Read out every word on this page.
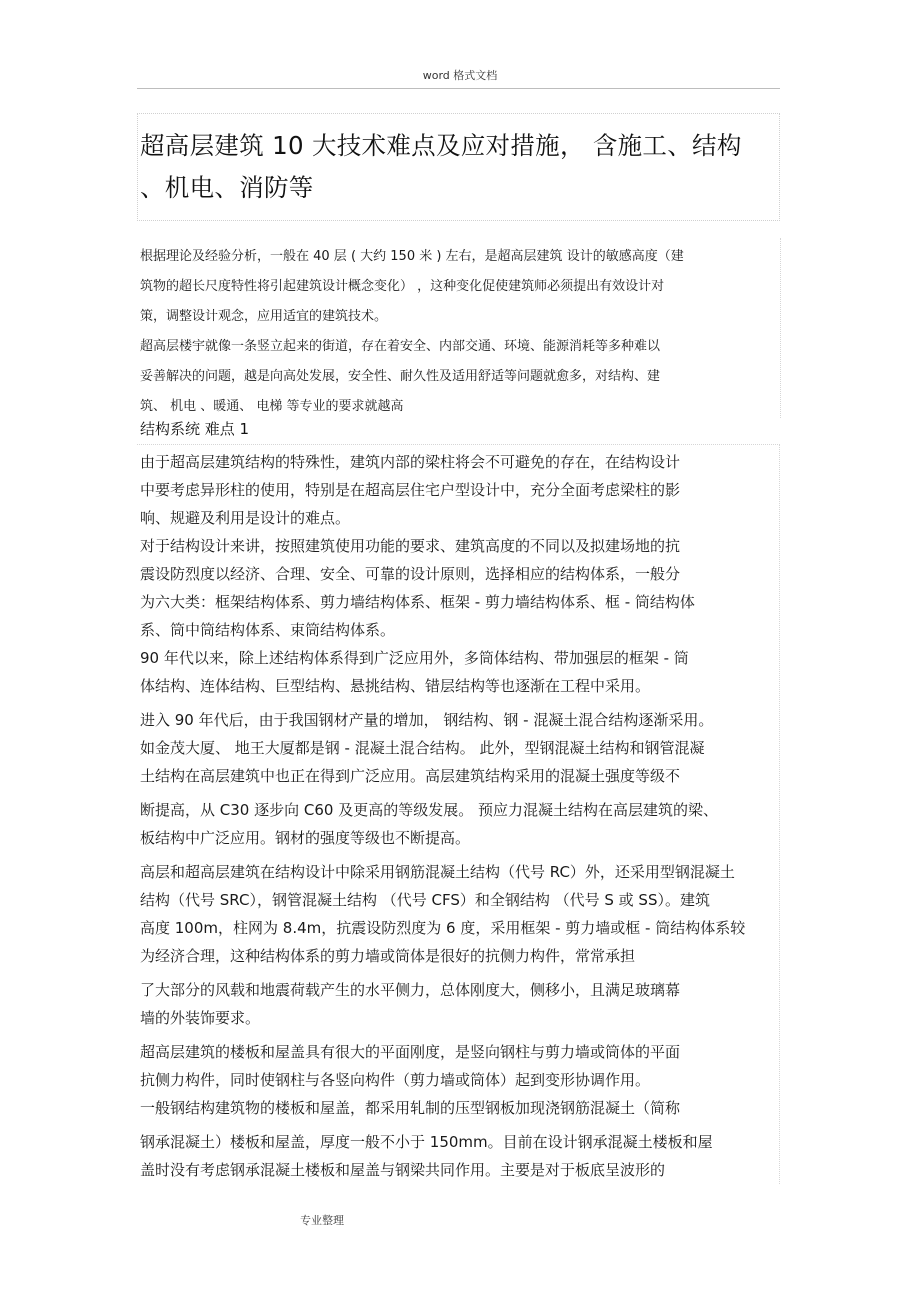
word 格式文档
超高层建筑 10 大技术难点及应对措施， 含施工、结构
、机电、消防等
根据理论及经验分析，一般在 40 层 ( 大约 150 米 ) 左右，是超高层建筑 设计的敏感高度（建
筑物的超长尺度特性将引起建筑设计概念变化） ，这种变化促使建筑师必须提出有效设计对
策，调整设计观念，应用适宜的建筑技术。
超高层楼宇就像一条竖立起来的街道，存在着安全、内部交通、环境、能源消耗等多种难以
妥善解决的问题，越是向高处发展，安全性、耐久性及适用舒适等问题就愈多，对结构、建
筑、 机电 、暖通、 电梯 等专业的要求就越高
结构系统 难点 1
由于超高层建筑结构的特殊性，建筑内部的梁柱将会不可避免的存在，在结构设计
中要考虑异形柱的使用，特别是在超高层住宅户型设计中，充分全面考虑梁柱的影
响、规避及利用是设计的难点。
对于结构设计来讲，按照建筑使用功能的要求、建筑高度的不同以及拟建场地的抗
震设防烈度以经济、合理、安全、可靠的设计原则，选择相应的结构体系，一般分
为六大类：框架结构体系、剪力墙结构体系、框架 - 剪力墙结构体系、框 - 筒结构体
系、筒中筒结构体系、束筒结构体系。
90 年代以来，除上述结构体系得到广泛应用外，多筒体结构、带加强层的框架 - 筒
体结构、连体结构、巨型结构、悬挑结构、错层结构等也逐渐在工程中采用。
进入 90 年代后，由于我国钢材产量的增加， 钢结构、钢 - 混凝土混合结构逐渐采用。
如金茂大厦、 地王大厦都是钢 - 混凝土混合结构。 此外，型钢混凝土结构和钢管混凝
土结构在高层建筑中也正在得到广泛应用。高层建筑结构采用的混凝土强度等级不
断提高，从 C30 逐步向 C60 及更高的等级发展。 预应力混凝土结构在高层建筑的梁、
板结构中广泛应用。钢材的强度等级也不断提高。
高层和超高层建筑在结构设计中除采用钢筋混凝土结构（代号 RC）外，还采用型钢混凝土
结构（代号 SRC），钢管混凝土结构 （代号 CFS）和全钢结构 （代号 S 或 SS）。建筑
高度 100m，柱网为 8.4m，抗震设防烈度为 6 度，采用框架 - 剪力墙或框 - 筒结构体系较
为经济合理，这种结构体系的剪力墙或筒体是很好的抗侧力构件，常常承担
了大部分的风载和地震荷载产生的水平侧力，总体刚度大，侧移小，且满足玻璃幕
墙的外装饰要求。
超高层建筑的楼板和屋盖具有很大的平面刚度，是竖向钢柱与剪力墙或筒体的平面
抗侧力构件，同时使钢柱与各竖向构件（剪力墙或筒体）起到变形协调作用。
一般钢结构建筑物的楼板和屋盖，都采用轧制的压型钢板加现浇钢筋混凝土（简称
钢承混凝土）楼板和屋盖，厚度一般不小于 150mm。目前在设计钢承混凝土楼板和屋
盖时没有考虑钢承混凝土楼板和屋盖与钢梁共同作用。主要是对于板底呈波形的
专业整理
